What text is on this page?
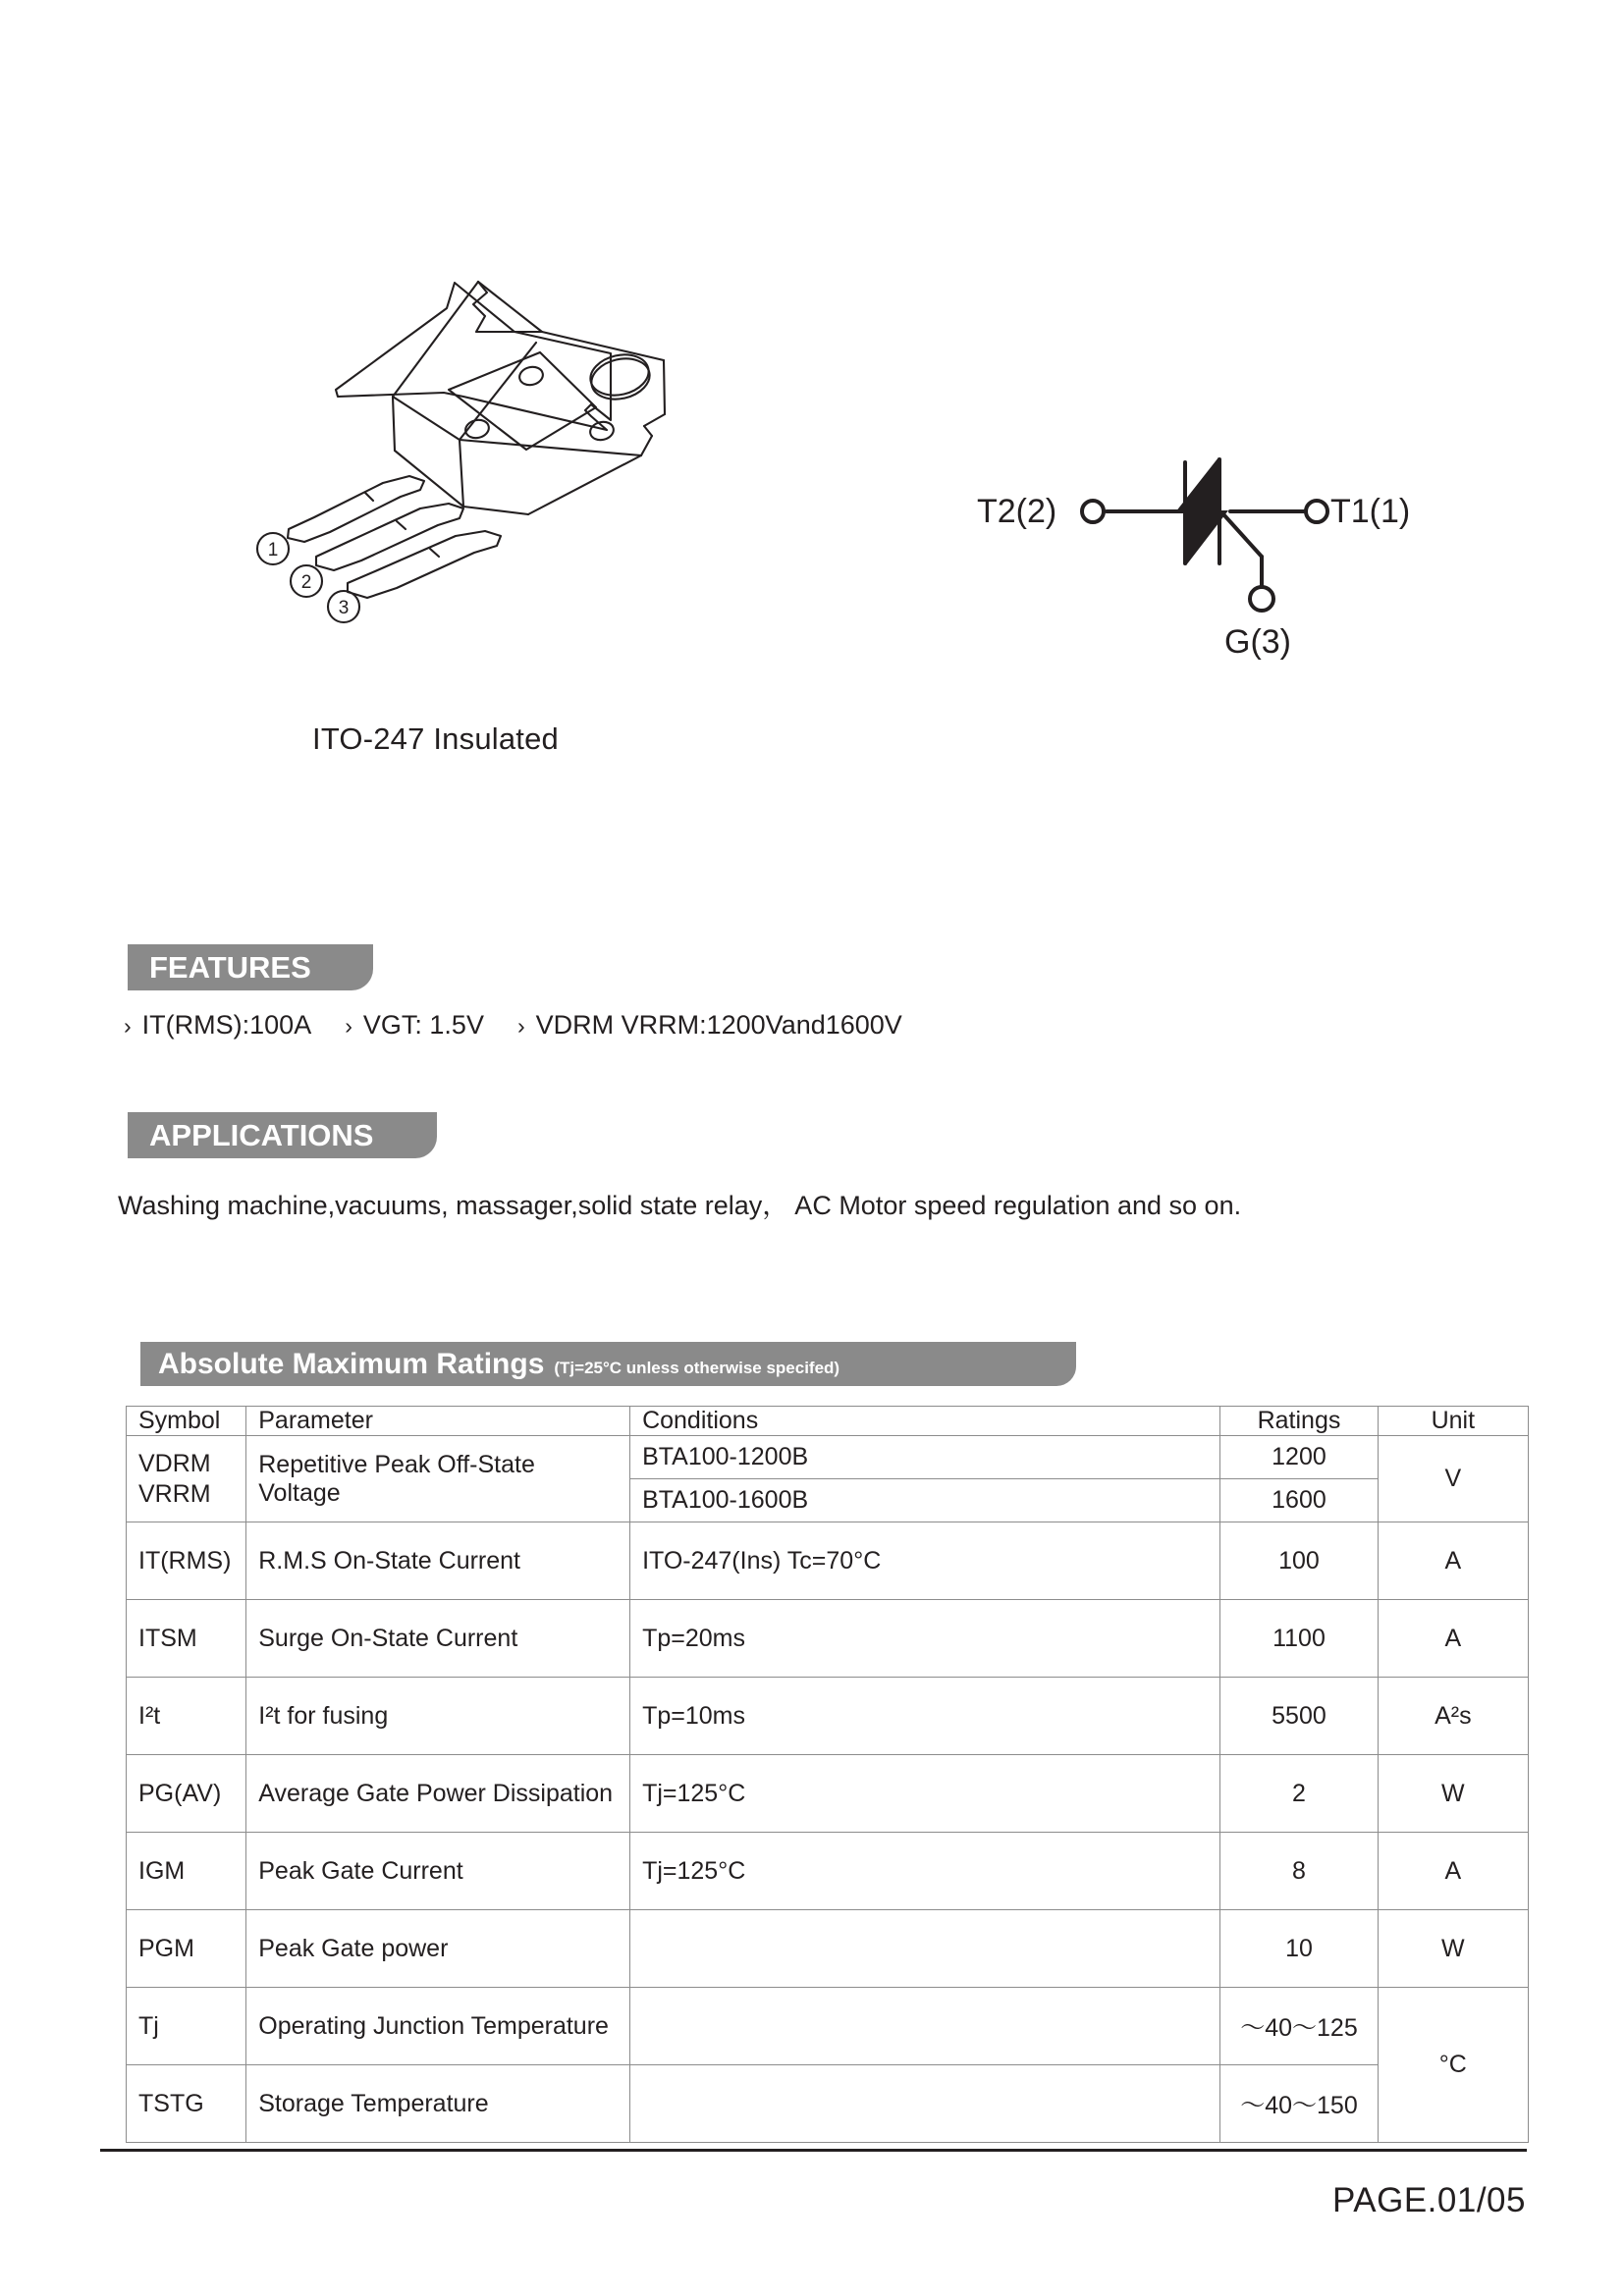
1
2
3
T2(2)	T1(1)
G(3)
ITO-247 Insulated
FEATURES
› IT(RMS):100A › VGT: 1.5V › VDRM VRRM:1200Vand1600V
APPLICATIONS
Washing machine,vacuums, massager,solid state relay， AC Motor speed regulation and so on.
Absolute Maximum Ratings (Tj=25°C unless otherwise specifed)
Symbol	Parameter	Conditions	Ratings	Unit
VDRM
VRRM	Repetitive Peak Off-State Voltage	BTA100-1200B	1200	V
		BTA100-1600B	1600	
IT(RMS)	R.M.S On-State Current	ITO-247(Ins) Tc=70°C	100	A
ITSM	Surge On-State Current	Tp=20ms	1100	A
I²t	I²t for fusing	Tp=10ms	5500	A²s
PG(AV)	Average Gate Power Dissipation	Tj=125°C	2	W
IGM	Peak Gate Current	Tj=125°C	8	A
PGM	Peak Gate power		10	W
Tj	Operating Junction Temperature		～40～125	°C
TSTG	Storage Temperature		～40～150	
PAGE.01/05
